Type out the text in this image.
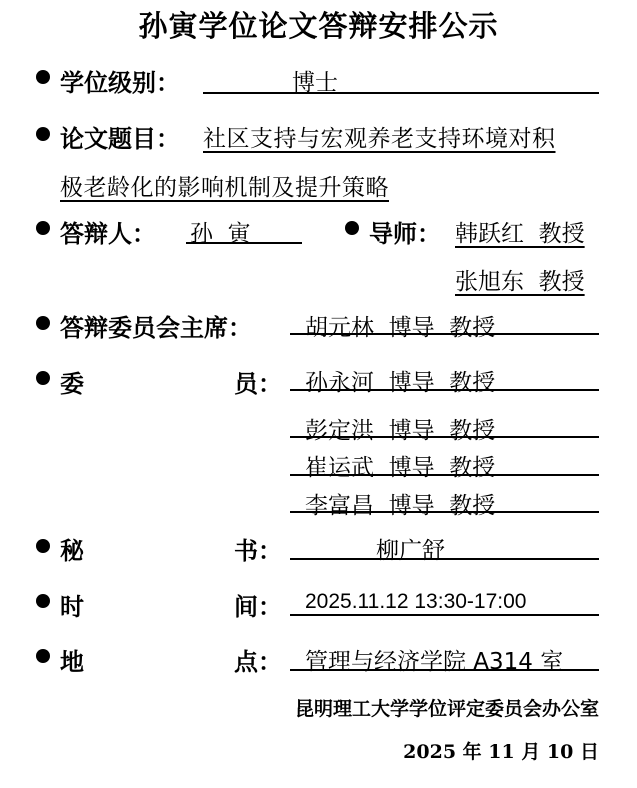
孙寅学位论文答辩安排公示
学位级别：	博士
论文题目： 社区支持与宏观养老支持环境对积
极老龄化的影响机制及提升策略
答辩人： 孙  寅	导师： 韩跃红  教授
张旭东  教授
答辩委员会主席： 胡元林  博导  教授
委	员： 孙永河  博导  教授
彭定洪  博导  教授
崔运武  博导  教授
李富昌  博导  教授
秘	书：	柳广舒
时	间： 2025.11.12 13:30-17:00
地	点： 管理与经济学院 A314 室
昆明理工大学学位评定委员会办公室
2025 年 11 月 10 日
